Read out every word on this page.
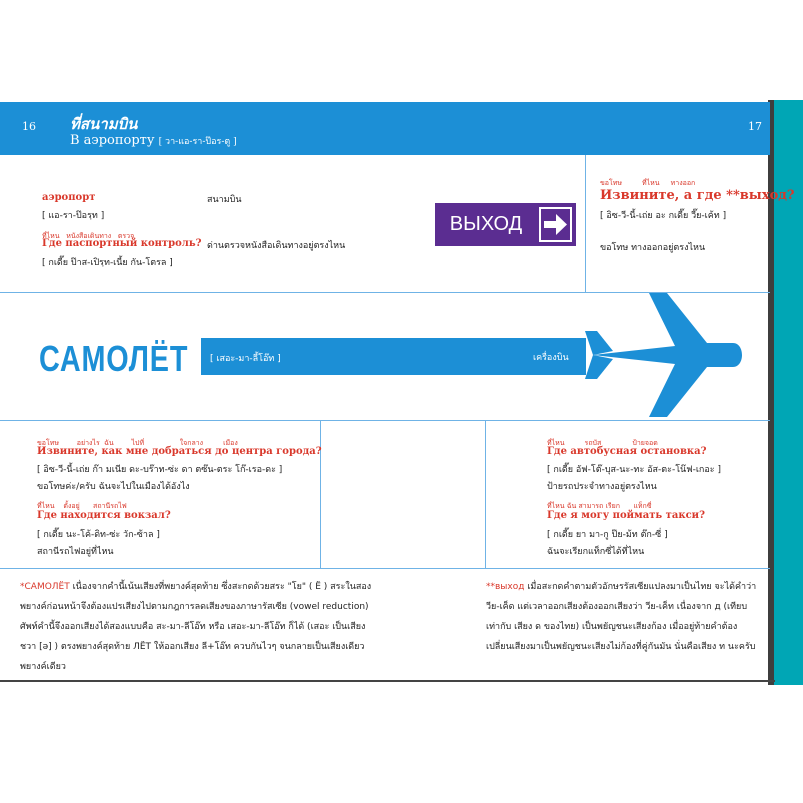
16	17
ที่สนามบิน
В аэропорту [ วา-แอ-รา-ป๊อร-ตู ]
аэропорт
[ แอ-รา-ป๊อรฺท ]
สนามบิน
ที่ไหน   หนังสือเดินทาง   ตรวจ
Где паспортный контроль?
[ กเดี๊ย ป๊าส-เปิรฺท-เนี้ย กัน-โตรล ]
ด่านตรวจหนังสือเดินทางอยู่ตรงไหน
ВЫХОД
ขอโทษ         ที่ไหน     ทางออก
Извините, а где **выход?
[ อิซ-วี-นี้-เถ่ย อะ กเดี๊ย วี๊ย-เค้ท ]
ขอโทษ ทางออกอยู่ตรงไหน
САМОЛЁТ [ เสอะ-มา-ลี้โอ๊ท ]	เครื่องบิน
ขอโทษ        อย่างไร  ฉัน        ไปที่                ใจกลาง         เมือง
Извините, как мне добраться до центра города?
[ อิซ-วี-นี้-เถ่ย ก๊า มเนีย ดะ-บร๊าท-ซ่ะ ดา ตซ๊น-ตระ โก๊-เรอ-ดะ ]
ขอโทษค่ะ/ครับ ฉันจะไปในเมืองได้อังไง
ที่ไหน    ตั้งอยู่      สถานีรถไฟ
Где находится вокзал?
[ กเดี๊ย นะ-โค้-ดิท-ซ่ะ วัก-ซ้าล ]
สถานีรถไฟอยู่ที่ไหน
ที่ไหน         รถบัส              ป้ายจอด
Где автобусная остановка?
[ กเดี๊ย อัฟ-โต๊-บุส-นะ-ทะ อัส-ตะ-โน๊ฟ-เกอะ ]
ป้ายรถประจำทางอยู่ตรงไหน
ที่ไหน ฉัน สามารถ เรียก      แท็กซี่
Где я могу поймать такси?
[ กเดี๊ย ยา มา-กู ป๊ย-ม้ท ต๊ก-ซี่ ]
ฉันจะเรียกแท็กซี่ได้ที่ไหน
*САМОЛЁТ เนื่องจากคำนี้เน้นเสียงที่พยางค์สุดท้าย ซึ่งสะกดด้วยสระ "โย" ( Ё ) สระในสอง
พยางค์ก่อนหน้าจึงต้องแปรเสียงไปตามกฎการลดเสียงของภาษารัสเซีย (vowel reduction)
ศัพท์คำนี้จึงออกเสียงได้สองแบบคือ สะ-มา-ลีโอ๊ท หรือ เสอะ-มา-ลีโอ๊ท ก็ได้ (เสอะ เป็นเสียง
ชวา [ə] ) ตรงพยางค์สุดท้าย ЛЁТ ให้ออกเสียง ลี+โอ๊ท ควบกันไวๆ จนกลายเป็นเสียงเดียว
พยางค์เดียว
**выход เมื่อสะกดคำตามตัวอักษรรัสเซียแปลงมาเป็นไทย จะได้คำว่า
วีย-เค็ด แต่เวลาออกเสียงต้องออกเสียงว่า วีย-เค็ท เนื่องจาก д (เทียบ
เท่ากับ เสียง ด ของไทย) เป็นพยัญชนะเสียงก้อง เมื่ออยู่ท้ายคำต้อง
เปลี่ยนเสียงมาเป็นพยัญชนะเสียงไม่ก้องที่คู่กันมัน นั่นคือเสียง ท นะครับ
